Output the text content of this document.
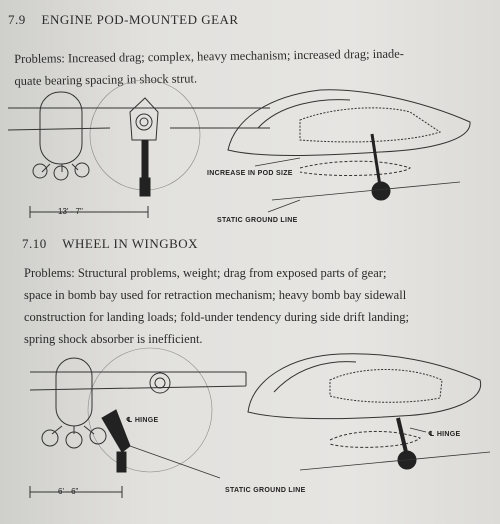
7.9 ENGINE POD-MOUNTED GEAR

Problems: Increased drag; complex, heavy mechanism; increased drag; inade-

quate bearing spacing in shock strut.

7.10 WHEEL IN WINGBOX

Problems: Structural problems, weight; drag from exposed parts of gear;

space in bomb bay used for retraction mechanism; heavy bomb bay sidewall

construction for landing loads; fold-under tendency during side drift landing;

spring shock absorber is inefficient.

13' - 7"
INCREASE IN POD SIZE
STATIC GROUND LINE
6' - 6"
℄ HINGE
℄ HINGE
STATIC GROUND LINE
